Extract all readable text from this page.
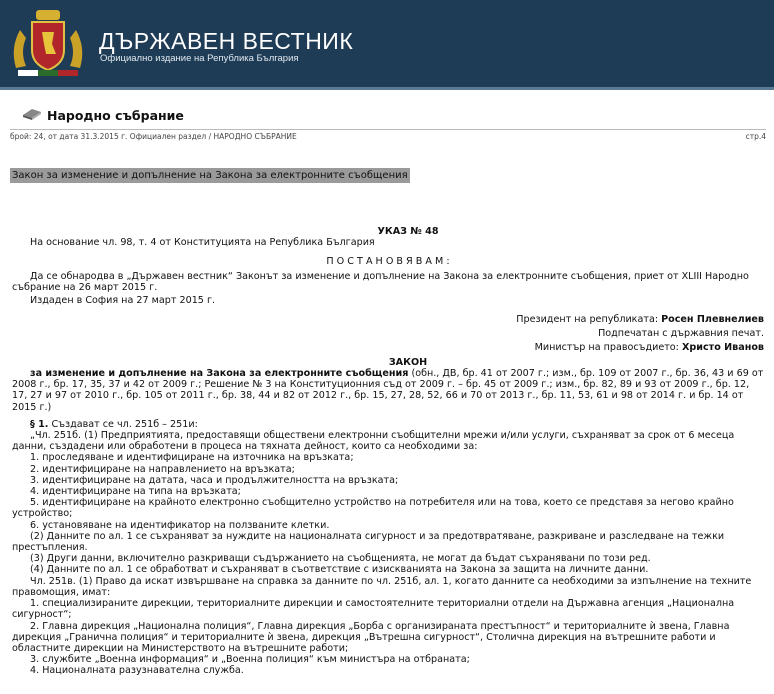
ДЪРЖАВЕН ВЕСТНИК
Официално издание на Република България
Народно събрание
брой: 24, от дата 31.3.2015 г. Официален раздел / НАРОДНО СЪБРАНИЕ	стр.4
Закон за изменение и допълнение на Закона за електронните съобщения

УКАЗ № 48

На основание чл. 98, т. 4 от Конституцията на Република България

П О С Т А Н О В Я В А М :

Да се обнародва в „Държавен вестник“ Законът за изменение и допълнение на Закона за електронните съобщения, приет от XLIII Народно събрание на 26 март 2015 г.

Издаден в София на 27 март 2015 г.

Президент на републиката: Росен Плевнелиев

Подпечатан с държавния печат.

Министър на правосъдието: Христо Иванов

ЗАКОН

за изменение и допълнение на Закона за електронните съобщения (обн., ДВ, бр. 41 от 2007 г.; изм., бр. 109 от 2007 г., бр. 36, 43 и 69 от 2008 г., бр. 17, 35, 37 и 42 от 2009 г.; Решение № 3 на Конституционния съд от 2009 г. – бр. 45 от 2009 г.; изм., бр. 82, 89 и 93 от 2009 г., бр. 12, 17, 27 и 97 от 2010 г., бр. 105 от 2011 г., бр. 38, 44 и 82 от 2012 г., бр. 15, 27, 28, 52, 66 и 70 от 2013 г., бр. 11, 53, 61 и 98 от 2014 г. и бр. 14 от 2015 г.)

§ 1. Създават се чл. 251б – 251и:

„Чл. 251б. (1) Предприятията, предоставящи обществени електронни съобщителни мрежи и/или услуги, съхраняват за срок от 6 месеца данни, създадени или обработени в процеса на тяхната дейност, които са необходими за:

1. проследяване и идентифициране на източника на връзката;

2. идентифициране на направлението на връзката;

3. идентифициране на датата, часа и продължителността на връзката;

4. идентифициране на типа на връзката;

5. идентифициране на крайното електронно съобщително устройство на потребителя или на това, което се представя за негово крайно устройство;

6. установяване на идентификатор на ползваните клетки.

(2) Данните по ал. 1 се съхраняват за нуждите на националната сигурност и за предотвратяване, разкриване и разследване на тежки престъпления.

(3) Други данни, включително разкриващи съдържанието на съобщенията, не могат да бъдат съхранявани по този ред.

(4) Данните по ал. 1 се обработват и съхраняват в съответствие с изискванията на Закона за защита на личните данни.

Чл. 251в. (1) Право да искат извършване на справка за данните по чл. 251б, ал. 1, когато данните са необходими за изпълнение на техните правомощия, имат:

1. специализираните дирекции, териториалните дирекции и самостоятелните териториални отдели на Държавна агенция „Национална сигурност“;

2. Главна дирекция „Национална полиция“, Главна дирекция „Борба с организираната престъпност“ и териториалните ѝ звена, Главна дирекция „Гранична полиция“ и териториалните ѝ звена, дирекция „Вътрешна сигурност“, Столична дирекция на вътрешните работи и областните дирекции на Министерството на вътрешните работи;

3. службите „Военна информация“ и „Военна полиция“ към министъра на отбраната;

4. Националната разузнавателна служба.
